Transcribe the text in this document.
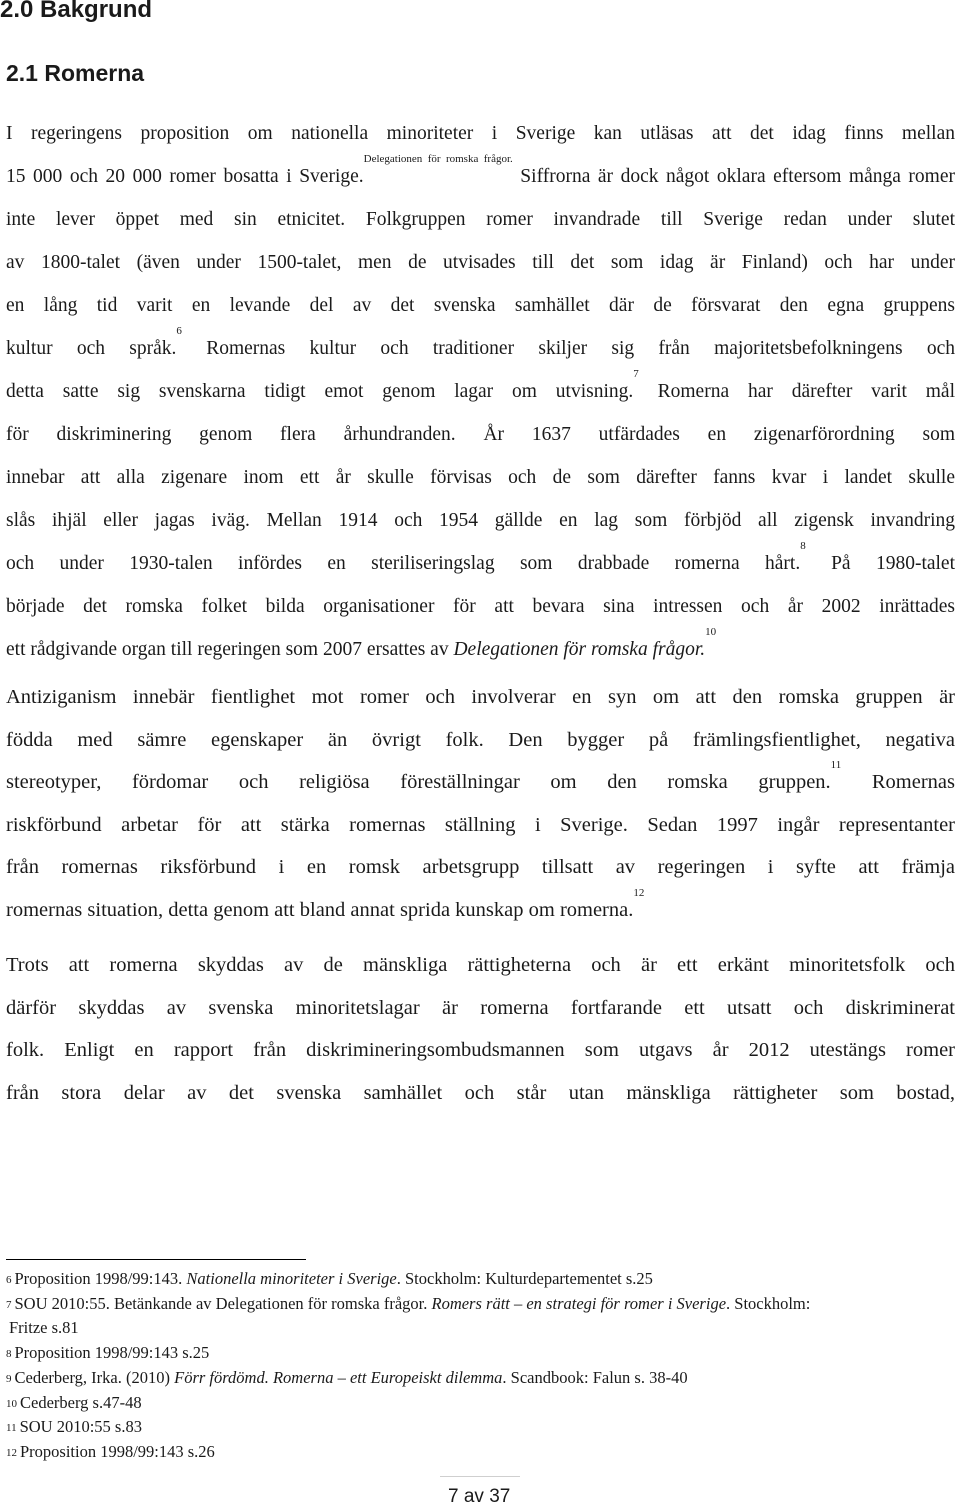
2.0 Bakgrund
2.1 Romerna
I regeringens proposition om nationella minoriteter i Sverige kan utläsas att det idag finns mellan
15 000 och 20 000 romer bosatta i Sverige.$^{Delegationen för romska frågor.}$ Siffrorna är dock något oklara eftersom många romer
inte lever öppet med sin etnicitet. Folkgruppen romer invandrade till Sverige redan under slutet
av 1800-talet (även under 1500-talet, men de utvisades till det som idag är Finland) och har under
en lång tid varit en levande del av det svenska samhället där de försvarat den egna gruppens
kultur och språk.$^6$ Romernas kultur och traditioner skiljer sig från majoritetsbefolkningens och
detta satte sig svenskarna tidigt emot genom lagar om utvisning.$^7$ Romerna har därefter varit mål
för diskriminering genom flera århundranden. År 1637 utfärdades en zigenarförordning som
innebar att alla zigenare inom ett år skulle förvisas och de som därefter fanns kvar i landet skulle
slås ihjäl eller jagas iväg. Mellan 1914 och 1954 gällde en lag som förbjöd all zigensk invandring
och under 1930-talen infördes en steriliseringslag som drabbade romerna hårt.$^8$ På 1980-talet
började det romska folket bilda organisationer för att bevara sina intressen och år 2002 inrättades
ett rådgivande organ till regeringen som 2007 ersattes av Delegationen för romska frågor.$^{10}$
Antiziganism innebär fientlighet mot romer och involverar en syn om att den romska gruppen är
födda med sämre egenskaper än övrigt folk. Den bygger på främlingsfientlighet, negativa
stereotyper, fördomar och religiösa föreställningar om den romska gruppen.$^{11}$ Romernas
riskförbund arbetar för att stärka romernas ställning i Sverige. Sedan 1997 ingår representanter
från romernas riksförbund i en romsk arbetsgrupp tillsatt av regeringen i syfte att främja
romernas situation, detta genom att bland annat sprida kunskap om romerna.$^{12}$
Trots att romerna skyddas av de mänskliga rättigheterna och är ett erkänt minoritetsfolk och
därför skyddas av svenska minoritetslagar är romerna fortfarande ett utsatt och diskriminerat
folk. Enligt en rapport från diskrimineringsombudsmannen som utgavs år 2012 utestängs romer
från stora delar av det svenska samhället och står utan mänskliga rättigheter som bostad,
6 Proposition 1998/99:143. Nationella minoriteter i Sverige. Stockholm: Kulturdepartementet s.25
7 SOU 2010:55. Betänkande av Delegationen för romska frågor. Romers rätt – en strategi för romer i Sverige. Stockholm:
Fritze s.81
8 Proposition 1998/99:143 s.25
9 Cederberg, Irka. (2010) Förr fördömd. Romerna – ett Europeiskt dilemma. Scandbook: Falun s. 38-40
10 Cederberg s.47-48
11 SOU 2010:55 s.83
12 Proposition 1998/99:143 s.26
7 av 37
